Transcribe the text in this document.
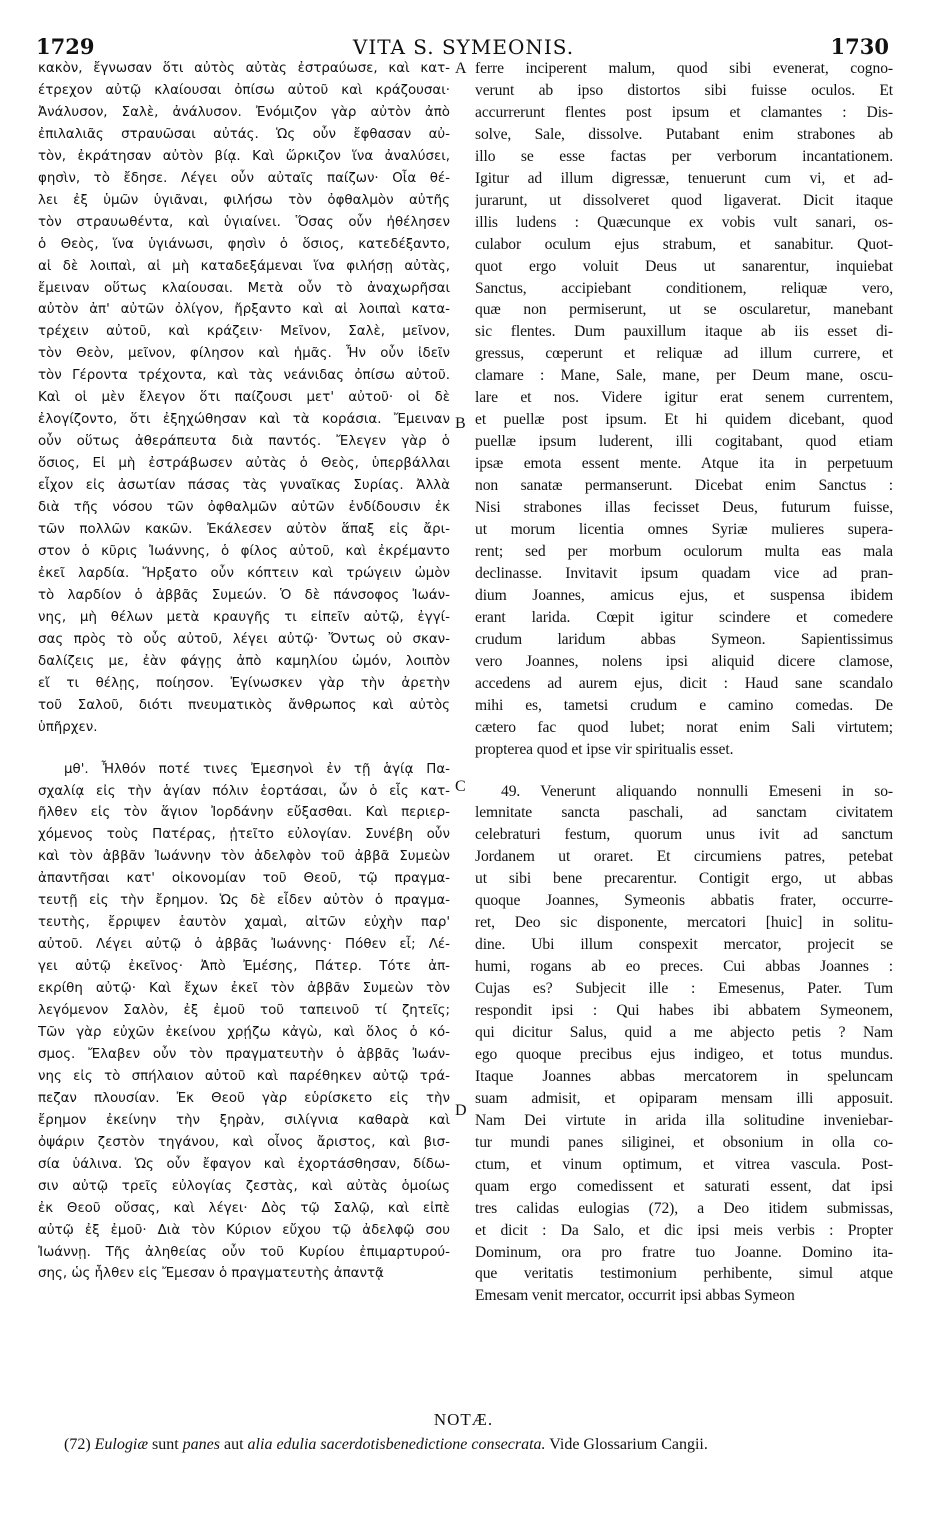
1729	VITA S. SYMEONIS.	1730
κακὸν, ἔγνωσαν ὅτι αὐτὸς αὐτὰς ἐστραύωσε, καὶ κατ-
έτρεχον αὐτῷ κλαίουσαι ὀπίσω αὐτοῦ καὶ κράζουσαι·
Ἀνάλυσον, Σαλὲ, ἀνάλυσον. Ἐνόμιζον γὰρ αὐτὸν ἀπὸ
ἐπιλαλιᾶς στραυῶσαι αὐτάς. Ὡς οὖν ἔφθασαν αὐ-
τὸν, ἐκράτησαν αὐτὸν βίᾳ. Καὶ ὥρκιζον ἵνα ἀναλύσει,
φησὶν, τὸ ἔδησε. Λέγει οὖν αὐταῖς παίζων· Οἷα θέ-
λει ἐξ ὑμῶν ὑγιᾶναι, φιλήσω τὸν ὀφθαλμὸν αὐτῆς
τὸν στραυωθέντα, καὶ ὑγιαίνει. Ὅσας οὖν ἠθέλησεν
ὁ Θεὸς, ἵνα ὑγιάνωσι, φησὶν ὁ ὅσιος, κατεδέξαντο,
αἱ δὲ λοιπαὶ, αἱ μὴ καταδεξάμεναι ἵνα φιλήσῃ αὐτὰς,
ἔμειναν οὕτως κλαίουσαι. Μετὰ οὖν τὸ ἀναχωρῆσαι
αὐτὸν ἀπ' αὐτῶν ὀλίγον, ἤρξαντο καὶ αἱ λοιπαὶ κατα-
τρέχειν αὐτοῦ, καὶ κράζειν· Μεῖνον, Σαλὲ, μεῖνον,
τὸν Θεὸν, μεῖνον, φίλησον καὶ ἡμᾶς. Ἦν οὖν ἰδεῖν
τὸν Γέροντα τρέχοντα, καὶ τὰς νεάνιδας ὀπίσω αὐτοῦ.
Καὶ οἱ μὲν ἔλεγον ὅτι παίζουσι μετ' αὐτοῦ· οἱ δὲ
ἐλογίζοντο, ὅτι ἐξηχώθησαν καὶ τὰ κοράσια. Ἔμειναν
οὖν οὕτως ἀθεράπευτα διὰ παντός. Ἔλεγεν γὰρ ὁ
ὅσιος, Εἰ μὴ ἐστράβωσεν αὐτὰς ὁ Θεὸς, ὑπερβάλλαι
εἶχον εἰς ἀσωτίαν πάσας τὰς γυναῖκας Συρίας. Ἀλλὰ
διὰ τῆς νόσου τῶν ὀφθαλμῶν αὐτῶν ἐνδίδουσιν ἐκ
τῶν πολλῶν κακῶν. Ἐκάλεσεν αὐτὸν ἅπαξ εἰς ἄρι-
στον ὁ κῦρις Ἰωάννης, ὁ φίλος αὐτοῦ, καὶ ἐκρέμαντο
ἐκεῖ λαρδία. Ἤρξατο οὖν κόπτειν καὶ τρώγειν ὠμὸν
τὸ λαρδίον ὁ ἀββᾶς Συμεών. Ὁ δὲ πάνσοφος Ἰωάν-
νης, μὴ θέλων μετὰ κραυγῆς τι εἰπεῖν αὐτῷ, ἐγγί-
σας πρὸς τὸ οὖς αὐτοῦ, λέγει αὐτῷ· Ὄντως οὐ σκαν-
δαλίζεις με, ἐὰν φάγῃς ἀπὸ καμηλίου ὠμόν, λοιπὸν
εἴ τι θέλῃς, ποίησον. Ἐγίνωσκεν γὰρ τὴν ἀρετὴν
τοῦ Σαλοῦ, διότι πνευματικὸς ἄνθρωπος καὶ αὐτὸς
ὑπῆρχεν.
μθ'. Ἦλθόν ποτέ τινες Ἐμεσηνοὶ ἐν τῇ ἁγίᾳ Πα-
σχαλίᾳ εἰς τὴν ἁγίαν πόλιν ἑορτάσαι, ὧν ὁ εἷς κατ-
ῆλθεν εἰς τὸν ἅγιον Ἰορδάνην εὔξασθαι. Καὶ περιερ-
χόμενος τοὺς Πατέρας, ᾐτεῖτο εὐλογίαν. Συνέβη οὖν
καὶ τὸν ἀββᾶν Ἰωάννην τὸν ἀδελφὸν τοῦ ἀββᾶ Συμεὼν
ἀπαντῆσαι κατ' οἰκονομίαν τοῦ Θεοῦ, τῷ πραγμα-
τευτῇ εἰς τὴν ἔρημον. Ὡς δὲ εἶδεν αὐτὸν ὁ πραγμα-
τευτὴς, ἔρριψεν ἑαυτὸν χαμαὶ, αἰτῶν εὐχὴν παρ'
αὐτοῦ. Λέγει αὐτῷ ὁ ἀββᾶς Ἰωάννης· Πόθεν εἶ; Λέ-
γει αὐτῷ ἐκεῖνος· Ἀπὸ Ἐμέσης, Πάτερ. Τότε ἀπ-
εκρίθη αὐτῷ· Καὶ ἔχων ἐκεῖ τὸν ἀββᾶν Συμεὼν τὸν
λεγόμενον Σαλὸν, ἐξ ἐμοῦ τοῦ ταπεινοῦ τί ζητεῖς;
Τῶν γὰρ εὐχῶν ἐκείνου χρῄζω κἀγὼ, καὶ ὅλος ὁ κό-
σμος. Ἔλαβεν οὖν τὸν πραγματευτὴν ὁ ἀββᾶς Ἰωάν-
νης εἰς τὸ σπήλαιον αὐτοῦ καὶ παρέθηκεν αὐτῷ τρά-
πεζαν πλουσίαν. Ἐκ Θεοῦ γὰρ εὑρίσκετο εἰς τὴν
ἔρημον ἐκείνην τὴν ξηρὰν, σιλίγνια καθαρὰ καὶ
ὀψάριν ζεστὸν τηγάνου, καὶ οἶνος ἄριστος, καὶ βισ-
σία ὑάλινα. Ὡς οὖν ἔφαγον καὶ ἐχορτάσθησαν, δίδω-
σιν αὐτῷ τρεῖς εὐλογίας ζεστὰς, καὶ αὐτὰς ὁμοίως
ἐκ Θεοῦ οὔσας, καὶ λέγει· Δὸς τῷ Σαλῷ, καὶ εἰπὲ
αὐτῷ ἐξ ἐμοῦ· Διὰ τὸν Κύριον εὔχου τῷ ἀδελφῷ σου
Ἰωάννῃ. Τῆς ἀληθείας οὖν τοῦ Κυρίου ἐπιμαρτυρού-
σης, ὡς ἦλθεν εἰς Ἔμεσαν ὁ πραγματευτὴς ἀπαντᾷ
A
B
C
D
ferre inciperent malum, quod sibi evenerat, cogno-
verunt ab ipso distortos sibi fuisse oculos. Et
accurrerunt flentes post ipsum et clamantes : Dis-
solve, Sale, dissolve. Putabant enim strabones ab
illo se esse factas per verborum incantationem.
Igitur ad illum digressæ, tenuerunt cum vi, et ad-
jurarunt, ut dissolveret quod ligaverat. Dicit itaque
illis ludens : Quæcunque ex vobis vult sanari, os-
culabor oculum ejus strabum, et sanabitur. Quot-
quot ergo voluit Deus ut sanarentur, inquiebat
Sanctus, accipiebant conditionem, reliquæ vero,
quæ non permiserunt, ut se oscularetur, manebant
sic flentes. Dum pauxillum itaque ab iis esset di-
gressus, cœperunt et reliquæ ad illum currere, et
clamare : Mane, Sale, mane, per Deum mane, oscu-
lare et nos. Videre igitur erat senem currentem,
et puellæ post ipsum. Et hi quidem dicebant, quod
puellæ ipsum luderent, illi cogitabant, quod etiam
ipsæ emota essent mente. Atque ita in perpetuum
non sanatæ permanserunt. Dicebat enim Sanctus :
Nisi strabones illas fecisset Deus, futurum fuisse,
ut morum licentia omnes Syriæ mulieres supera-
rent; sed per morbum oculorum multa eas mala
declinasse. Invitavit ipsum quadam vice ad pran-
dium Joannes, amicus ejus, et suspensa ibidem
erant larida. Cœpit igitur scindere et comedere
crudum laridum abbas Symeon. Sapientissimus
vero Joannes, nolens ipsi aliquid dicere clamose,
accedens ad aurem ejus, dicit : Haud sane scandalo
mihi es, tametsi crudum e camino comedas. De
cætero fac quod lubet; norat enim Sali virtutem;
propterea quod et ipse vir spiritualis esset.
49. Venerunt aliquando nonnulli Emeseni in so-
lemnitate sancta paschali, ad sanctam civitatem
celebraturi festum, quorum unus ivit ad sanctum
Jordanem ut oraret. Et circumiens patres, petebat
ut sibi bene precarentur. Contigit ergo, ut abbas
quoque Joannes, Symeonis abbatis frater, occurre-
ret, Deo sic disponente, mercatori [huic] in solitu-
dine. Ubi illum conspexit mercator, projecit se
humi, rogans ab eo preces. Cui abbas Joannes :
Cujas es? Subjecit ille : Emesenus, Pater. Tum
respondit ipsi : Qui habes ibi abbatem Symeonem,
qui dicitur Salus, quid a me abjecto petis ? Nam
ego quoque precibus ejus indigeo, et totus mundus.
Itaque Joannes abbas mercatorem in speluncam
suam admisit, et opiparam mensam illi apposuit.
Nam Dei virtute in arida illa solitudine inveniebar-
tur mundi panes siliginei, et obsonium in olla co-
ctum, et vinum optimum, et vitrea vascula. Post-
quam ergo comedissent et saturati essent, dat ipsi
tres calidas eulogias (72), a Deo itidem submissas,
et dicit : Da Salo, et dic ipsi meis verbis : Propter
Dominum, ora pro fratre tuo Joanne. Domino ita-
que veritatis testimonium perhibente, simul atque
Emesam venit mercator, occurrit ipsi abbas Symeon
NOTÆ.
(72) Eulogiæ sunt panes aut alia edulia sacerdotisbenedictione consecrata. Vide Glossarium Cangii.
